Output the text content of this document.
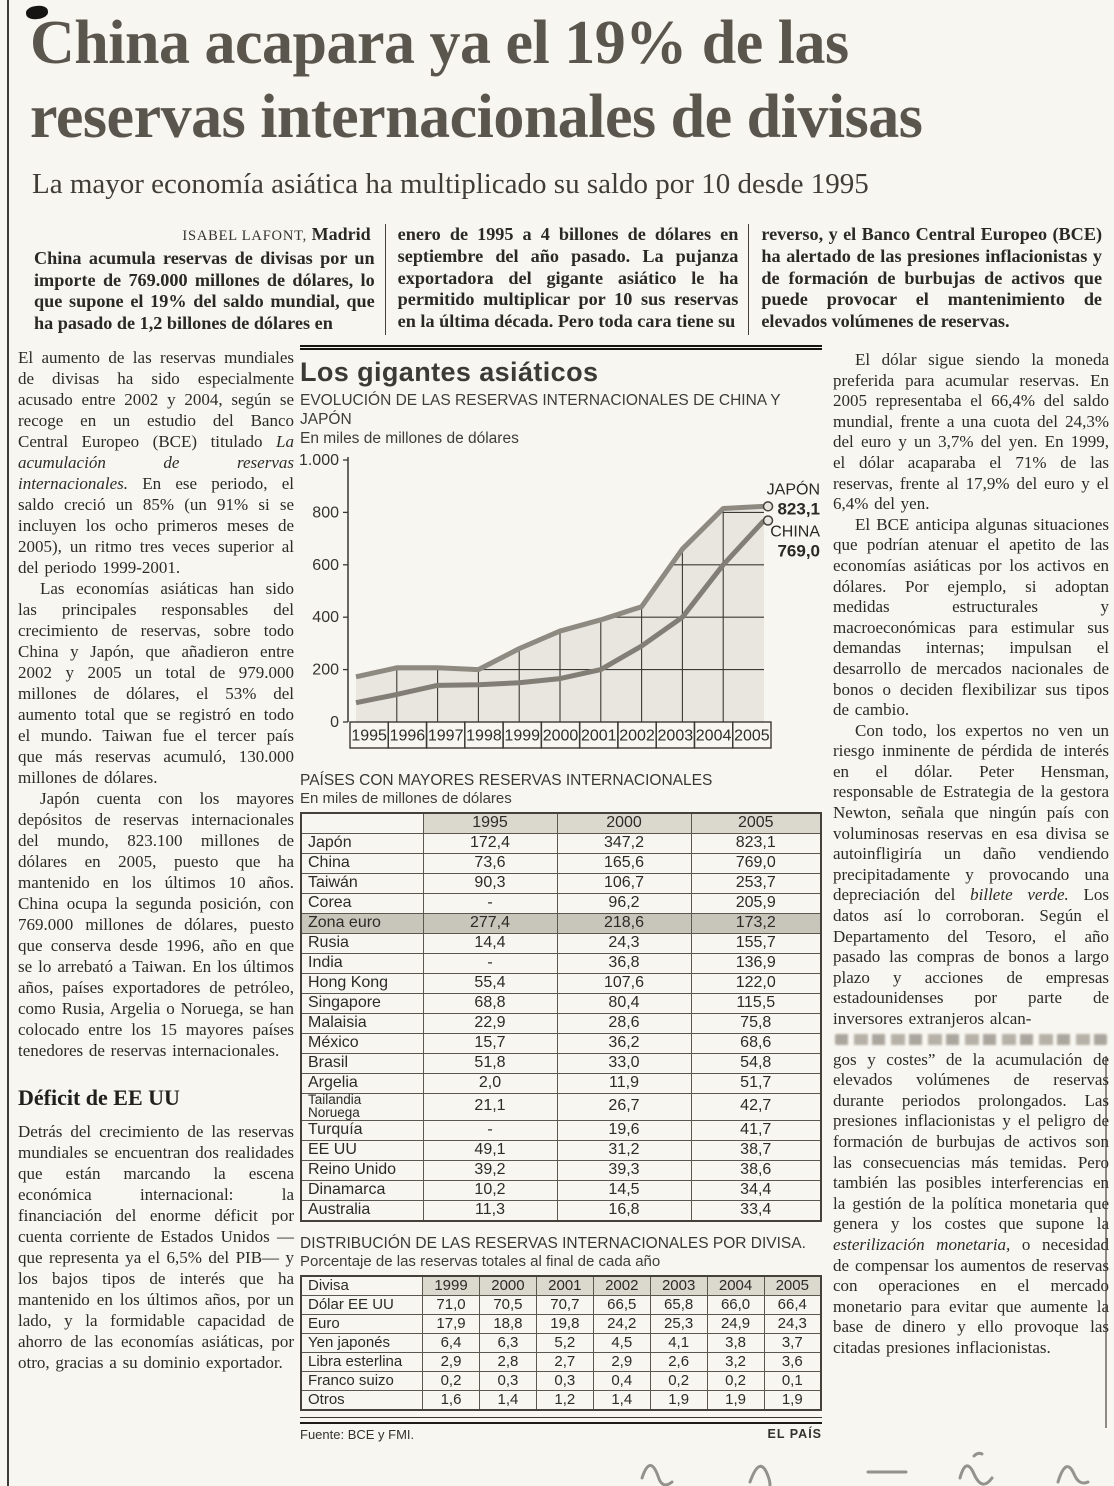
China acapara ya el 19% de las
reservas internacionales de divisas
La mayor economía asiática ha multiplicado su saldo por 10 desde 1995
ISABEL LAFONT, Madrid
China acumula reservas de divisas por un importe de 769.000 millones de dólares, lo que supone el 19% del saldo mundial, que ha pasado de 1,2 billones de dólares en
enero de 1995 a 4 billones de dólares en septiembre del año pasado. La pujanza exportadora del gigante asiático le ha permitido multiplicar por 10 sus reservas en la última década. Pero toda cara tiene su
reverso, y el Banco Central Europeo (BCE) ha alertado de las presiones inflacionistas y de formación de burbujas de activos que puede provocar el mantenimiento de elevados volúmenes de reservas.

El aumento de las reservas mundiales de divisas ha sido especialmente acusado entre 2002 y 2004, según se recoge en un estudio del Banco Central Europeo (BCE) titulado La acumulación de reservas internacionales. En ese periodo, el saldo creció un 85% (un 91% si se incluyen los ocho primeros meses de 2005), un ritmo tres veces superior al del periodo 1999-2001.

Las economías asiáticas han sido las principales responsables del crecimiento de reservas, sobre todo China y Japón, que añadieron entre 2002 y 2005 un total de 979.000 millones de dólares, el 53% del aumento total que se registró en todo el mundo. Taiwan fue el tercer país que más reservas acumuló, 130.000 millones de dólares.

Japón cuenta con los mayores depósitos de reservas internacionales del mundo, 823.100 millones de dólares en 2005, puesto que ha mantenido en los últimos 10 años. China ocupa la segunda posición, con 769.000 millones de dólares, puesto que conserva desde 1996, año en que se lo arrebató a Taiwan. En los últimos años, países exportadores de petróleo, como Rusia, Argelia o Noruega, se han colocado entre los 15 mayores países tenedores de reservas internacionales.

Déficit de EE UU

Detrás del crecimiento de las reservas mundiales se encuentran dos realidades que están marcando la escena económica internacional: la financiación del enorme déficit por cuenta corriente de Estados Unidos —que representa ya el 6,5% del PIB— y los bajos tipos de interés que ha mantenido en los últimos años, por un lado, y la formidable capacidad de ahorro de las economías asiáticas, por otro, gracias a su dominio exportador.

Los gigantes asiáticos
EVOLUCIÓN DE LAS RESERVAS INTERNACIONALES DE CHINA Y JAPÓN
En miles de millones de dólares
0
200
400
600
800
1.000
1995 1996 1997 1998 1999 2000 2001 2002 2003 2004 2005
JAPÓN
823,1
CHINA
769,0
PAÍSES CON MAYORES RESERVAS INTERNACIONALES
En miles de millones de dólares
	1995	2000	2005
Japón	172,4	347,2	823,1
China	73,6	165,6	769,0
Taiwán	90,3	106,7	253,7
Corea	-	96,2	205,9
Zona euro	277,4	218,6	173,2
Rusia	14,4	24,3	155,7
India	-	36,8	136,9
Hong Kong	55,4	107,6	122,0
Singapore	68,8	80,4	115,5
Malaisia	22,9	28,6	75,8
México	15,7	36,2	68,6
Brasil	51,8	33,0	54,8
Argelia	2,0	11,9	51,7

Tailandia
Noruega	21,1	26,7	42,7
Turquía	-	19,6	41,7
EE UU	49,1	31,2	38,7
Reino Unido	39,2	39,3	38,6
Dinamarca	10,2	14,5	34,4
Australia	11,3	16,8	33,4
DISTRIBUCIÓN DE LAS RESERVAS INTERNACIONALES POR DIVISA.
Porcentaje de las reservas totales al final de cada año
Divisa	1999	2000	2001	2002	2003	2004	2005
Dólar EE UU	71,0	70,5	70,7	66,5	65,8	66,0	66,4
Euro	17,9	18,8	19,8	24,2	25,3	24,9	24,3
Yen japonés	6,4	6,3	5,2	4,5	4,1	3,8	3,7
Libra esterlina	2,9	2,8	2,7	2,9	2,6	3,2	3,6
Franco suizo	0,2	0,3	0,3	0,4	0,2	0,2	0,1
Otros	1,6	1,4	1,2	1,4	1,9	1,9	1,9
Fuente: BCE y FMI.	EL PAÍS

El dólar sigue siendo la moneda preferida para acumular reservas. En 2005 representaba el 66,4% del saldo mundial, frente a una cuota del 24,3% del euro y un 3,7% del yen. En 1999, el dólar acaparaba el 71% de las reservas, frente al 17,9% del euro y el 6,4% del yen.

El BCE anticipa algunas situaciones que podrían atenuar el apetito de las economías asiáticas por los activos en dólares. Por ejemplo, si adoptan medidas estructurales y macroeconómicas para estimular sus demandas internas; impulsan el desarrollo de mercados nacionales de bonos o deciden flexibilizar sus tipos de cambio.

Con todo, los expertos no ven un riesgo inminente de pérdida de interés en el dólar. Peter Hensman, responsable de Estrategia de la gestora Newton, señala que ningún país con voluminosas reservas en esa divisa se autoinfligiría un daño vendiendo precipitadamente y provocando una depreciación del billete verde. Los datos así lo corroboran. Según el Departamento del Tesoro, el año pasado las compras de bonos a largo plazo y acciones de empresas estadounidenses por parte de inversores extranjeros alcan-

gos y costes” de la acumulación de elevados volúmenes de reservas durante periodos prolongados. Las presiones inflacionistas y el peligro de formación de burbujas de activos son las consecuencias más temidas. Pero también las posibles interferencias en la gestión de la política monetaria que genera y los costes que supone la esterilización monetaria, o necesidad de compensar los aumentos de reservas con operaciones en el mercado monetario para evitar que aumente la base de dinero y ello provoque las citadas presiones inflacionistas.
